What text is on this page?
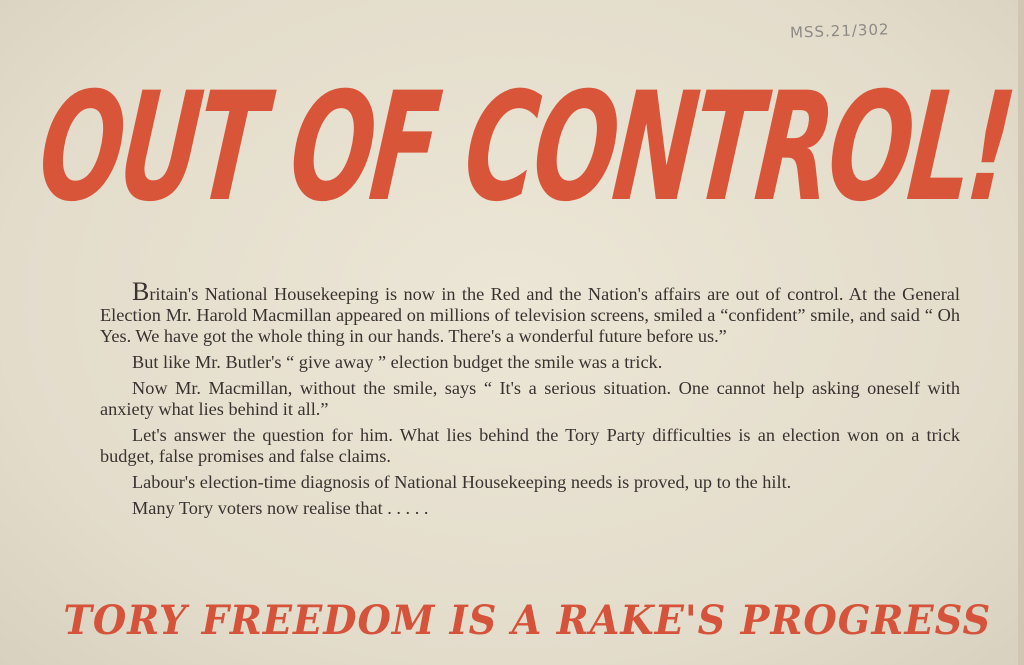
MSS.21/302
OUT OF CONTROL!

Britain's National Housekeeping is now in the Red and the Nation's affairs are out of control. At the General Election Mr. Harold Macmillan appeared on millions of television screens, smiled a “confident” smile, and said “ Oh Yes. We have got the whole thing in our hands. There's a wonderful future before us.”

But like Mr. Butler's “ give away ” election budget the smile was a trick.

Now Mr. Macmillan, without the smile, says “ It's a serious situation. One cannot help asking oneself with anxiety what lies behind it all.”

Let's answer the question for him. What lies behind the Tory Party difficulties is an election won on a trick budget, false promises and false claims.

Labour's election-time diagnosis of National Housekeeping needs is proved, up to the hilt.

Many Tory voters now realise that . . . . .

TORY FREEDOM IS A RAKE'S PROGRESS
